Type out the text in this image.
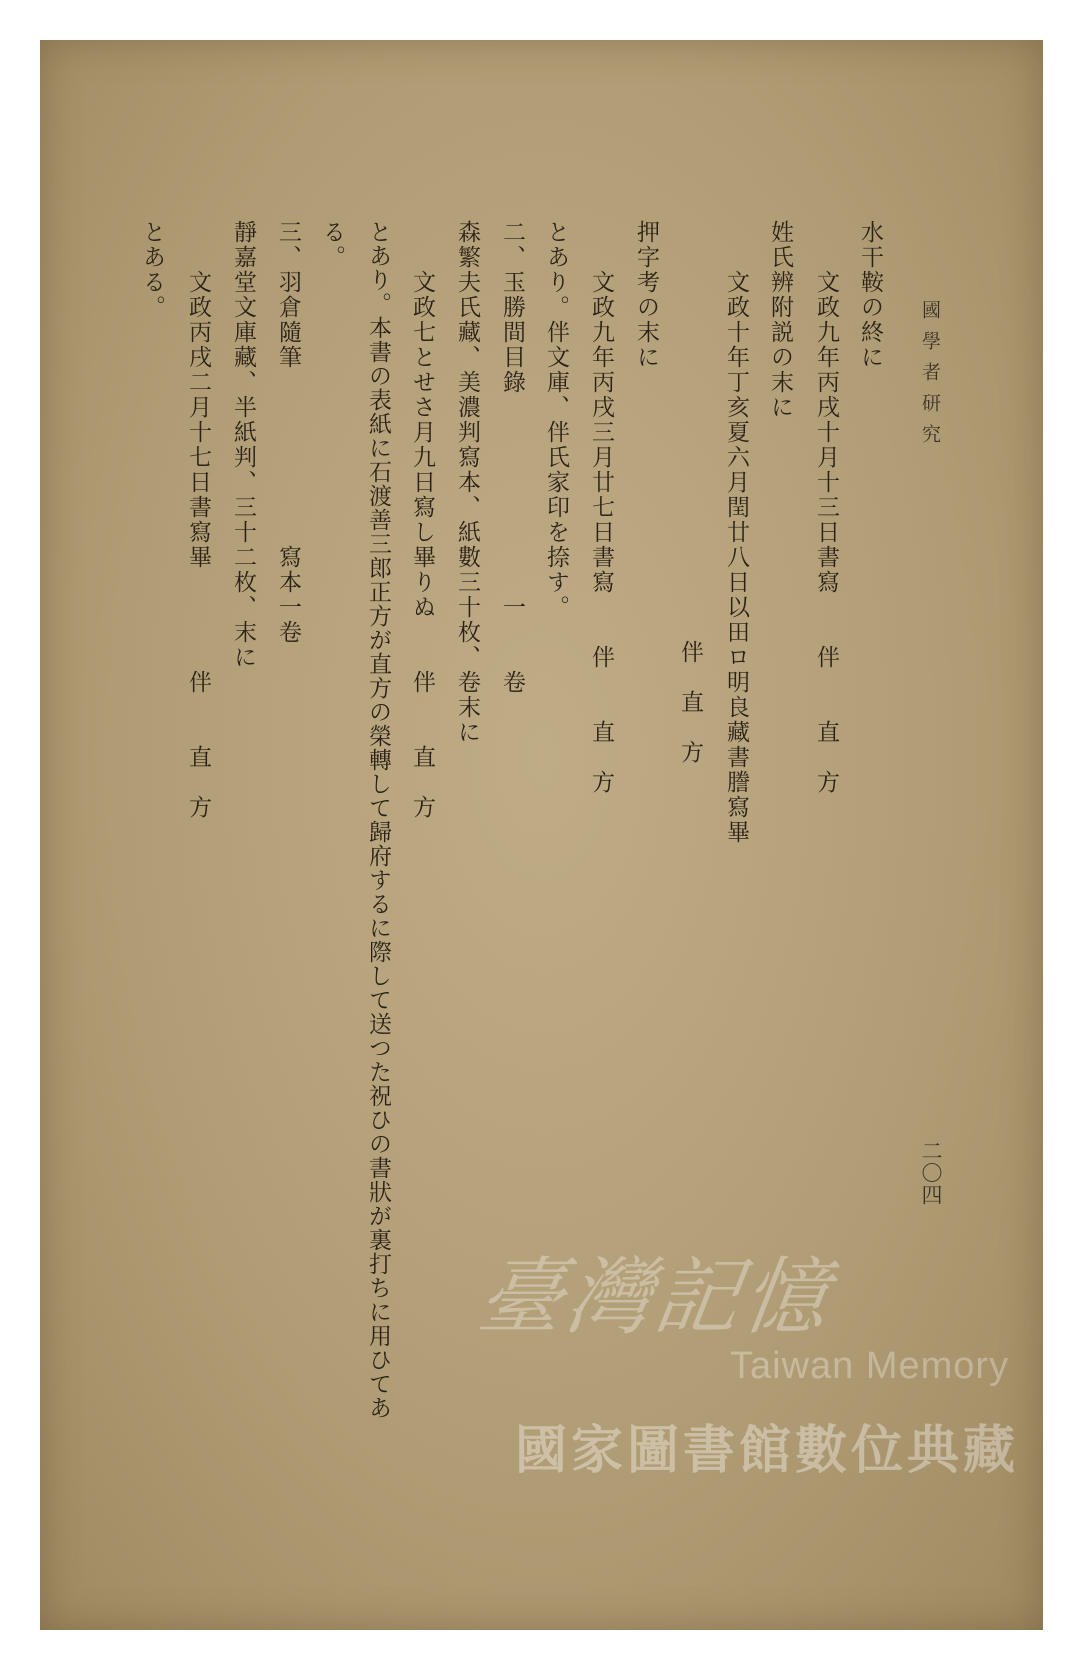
國學者研究
二〇四
水干鞍の終に
文政九年丙戌十月十三日書寫　　伴　　直　方
姓氏辨附説の末に
文政十年丁亥夏六月閏廿八日以田ロ明良藏書謄寫畢
伴　直　方
押字考の末に
文政九年丙戌三月廿七日書寫　　伴　　直　方
とあり。伴文庫、伴氏家印を捺す。
二、玉勝間目錄　　　　　　　　一　　卷
森繁夫氏藏、美濃判寫本、紙數三十枚、卷末に
文政七とせさ月九日寫し畢りぬ　　伴　　直　方
とあり。本書の表紙に石渡善三郎正方が直方の榮轉して歸府するに際して送つた祝ひの書狀が裏打ちに用ひてあ
る。
三、羽倉隨筆　　　　　　　寫本一卷
靜嘉堂文庫藏、半紙判、三十二枚、末に
文政丙戌二月十七日書寫畢　　　　伴　　直　方
とある。
臺灣記憶
Taiwan Memory
國家圖書館數位典藏
